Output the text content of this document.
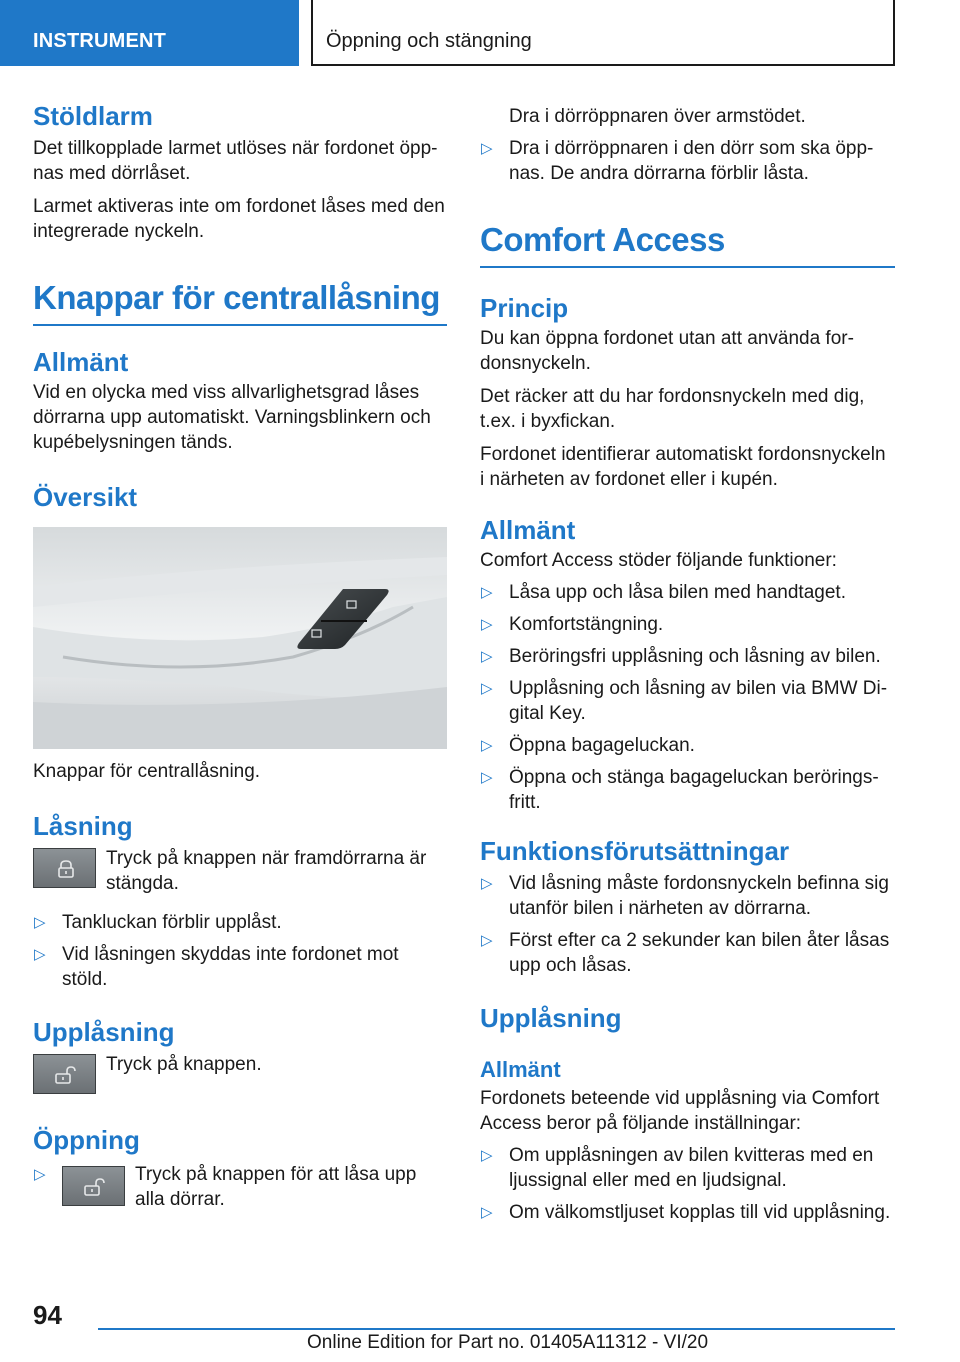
INSTRUMENT	Öppning och stängning
Stöldlarm
Det tillkopplade larmet utlöses när fordonet öpp-nas med dörrlåset.
Larmet aktiveras inte om fordonet låses med den integrerade nyckeln.
Knappar för centrallåsning
Allmänt
Vid en olycka med viss allvarlighetsgrad låses dörrarna upp automatiskt. Varningsblinkern och kupébelysningen tänds.
Översikt
Knappar för centrallåsning.
Låsning
Tryck på knappen när framdörrarna är stängda.
▷ Tankluckan förblir upplåst.
▷ Vid låsningen skyddas inte fordonet mot stöld.
Upplåsning
Tryck på knappen.
Öppning
▷	Tryck på knappen för att låsa upp alla dörrar.
Dra i dörröppnaren över armstödet.
▷ Dra i dörröppnaren i den dörr som ska öpp-nas. De andra dörrarna förblir låsta.
Comfort Access
Princip
Du kan öppna fordonet utan att använda for-donsnyckeln.
Det räcker att du har fordonsnyckeln med dig, t.ex. i byxfickan.
Fordonet identifierar automatiskt fordonsnyckeln i närheten av fordonet eller i kupén.
Allmänt
Comfort Access stöder följande funktioner:
▷ Låsa upp och låsa bilen med handtaget.
▷ Komfortstängning.
▷ Beröringsfri upplåsning och låsning av bilen.
▷ Upplåsning och låsning av bilen via BMW Di-gital Key.
▷ Öppna bagageluckan.
▷ Öppna och stänga bagageluckan berörings-fritt.
Funktionsförutsättningar
▷ Vid låsning måste fordonsnyckeln befinna sig utanför bilen i närheten av dörrarna.
▷ Först efter ca 2 sekunder kan bilen åter låsas upp och låsas.
Upplåsning
Allmänt
Fordonets beteende vid upplåsning via Comfort Access beror på följande inställningar:
▷ Om upplåsningen av bilen kvitteras med en ljussignal eller med en ljudsignal.
▷ Om välkomstljuset kopplas till vid upplåsning.
94
Online Edition for Part no. 01405A11312 - VI/20
